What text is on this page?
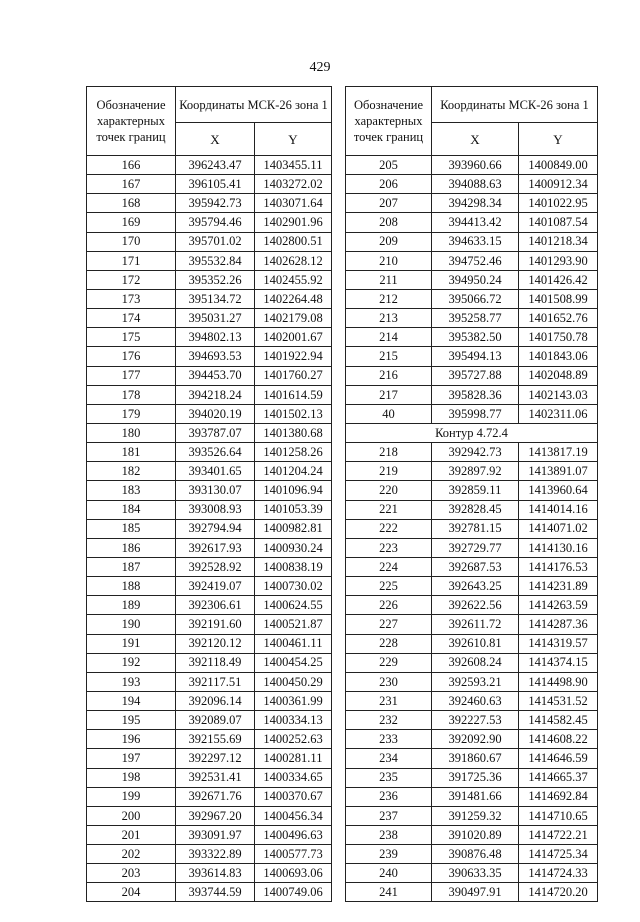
429
Обозначение характерных точек границ	Координаты МСК-26 зона 1	
	X	Y
166	396243.47	1403455.11
167	396105.41	1403272.02
168	395942.73	1403071.64
169	395794.46	1402901.96
170	395701.02	1402800.51
171	395532.84	1402628.12
172	395352.26	1402455.92
173	395134.72	1402264.48
174	395031.27	1402179.08
175	394802.13	1402001.67
176	394693.53	1401922.94
177	394453.70	1401760.27
178	394218.24	1401614.59
179	394020.19	1401502.13
180	393787.07	1401380.68
181	393526.64	1401258.26
182	393401.65	1401204.24
183	393130.07	1401096.94
184	393008.93	1401053.39
185	392794.94	1400982.81
186	392617.93	1400930.24
187	392528.92	1400838.19
188	392419.07	1400730.02
189	392306.61	1400624.55
190	392191.60	1400521.87
191	392120.12	1400461.11
192	392118.49	1400454.25
193	392117.51	1400450.29
194	392096.14	1400361.99
195	392089.07	1400334.13
196	392155.69	1400252.63
197	392297.12	1400281.11
198	392531.41	1400334.65
199	392671.76	1400370.67
200	392967.20	1400456.34
201	393091.97	1400496.63
202	393322.89	1400577.73
203	393614.83	1400693.06
204	393744.59	1400749.06
Обозначение характерных точек границ	Координаты МСК-26 зона 1	
	X	Y
205	393960.66	1400849.00
206	394088.63	1400912.34
207	394298.34	1401022.95
208	394413.42	1401087.54
209	394633.15	1401218.34
210	394752.46	1401293.90
211	394950.24	1401426.42
212	395066.72	1401508.99
213	395258.77	1401652.76
214	395382.50	1401750.78
215	395494.13	1401843.06
216	395727.88	1402048.89
217	395828.36	1402143.03
40	395998.77	1402311.06
Контур 4.72.4		
218	392942.73	1413817.19
219	392897.92	1413891.07
220	392859.11	1413960.64
221	392828.45	1414014.16
222	392781.15	1414071.02
223	392729.77	1414130.16
224	392687.53	1414176.53
225	392643.25	1414231.89
226	392622.56	1414263.59
227	392611.72	1414287.36
228	392610.81	1414319.57
229	392608.24	1414374.15
230	392593.21	1414498.90
231	392460.63	1414531.52
232	392227.53	1414582.45
233	392092.90	1414608.22
234	391860.67	1414646.59
235	391725.36	1414665.37
236	391481.66	1414692.84
237	391259.32	1414710.65
238	391020.89	1414722.21
239	390876.48	1414725.34
240	390633.35	1414724.33
241	390497.91	1414720.20
